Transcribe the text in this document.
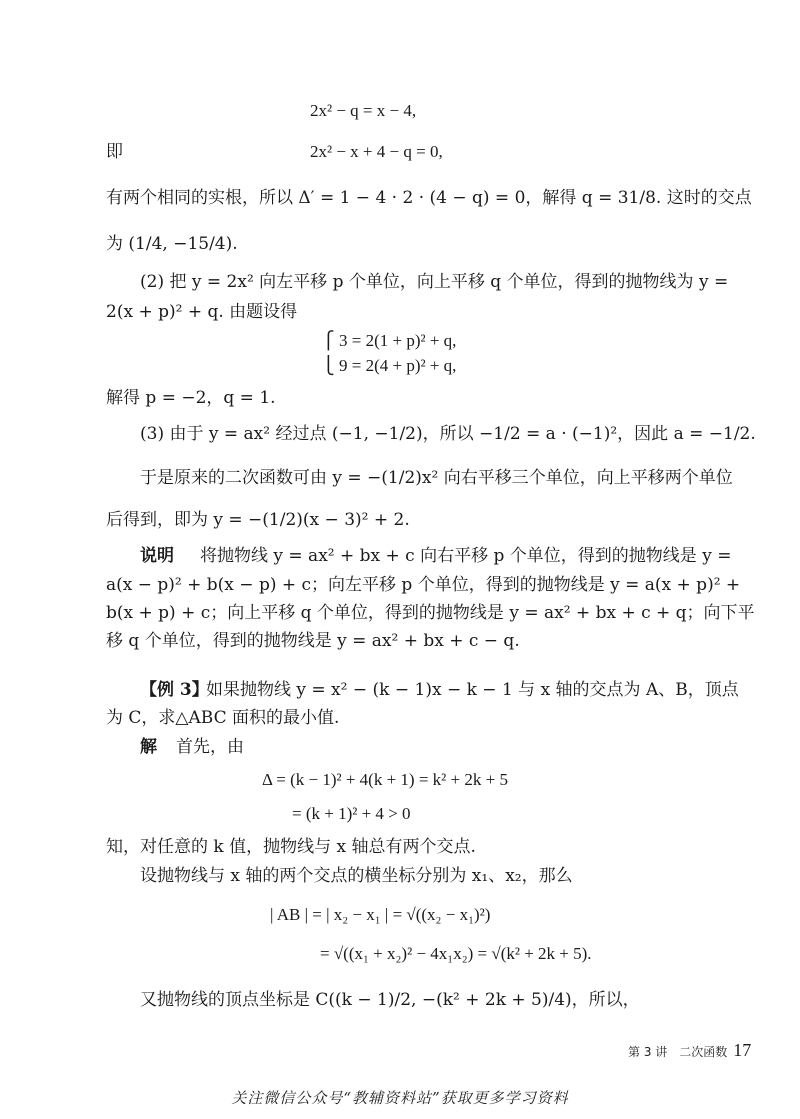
2x² − q = x − 4,
即	2x² − x + 4 − q = 0,
有两个相同的实根，所以 Δ′ = 1 − 4 · 2 · (4 − q) = 0，解得 q = 31/8. 这时的交点
为 (1/4, −15/4).
(2) 把 y = 2x² 向左平移 p 个单位，向上平移 q 个单位，得到的抛物线为 y =
2(x + p)² + q. 由题设得
⎧ 3 = 2(1 + p)² + q,
⎩ 9 = 2(4 + p)² + q,
解得 p = −2，q = 1.
(3) 由于 y = ax² 经过点 (−1, −1/2)，所以 −1/2 = a · (−1)²，因此 a = −1/2.
于是原来的二次函数可由 y = −(1/2)x² 向右平移三个单位，向上平移两个单位
后得到，即为 y = −(1/2)(x − 3)² + 2.
说明 将抛物线 y = ax² + bx + c 向右平移 p 个单位，得到的抛物线是 y =
a(x − p)² + b(x − p) + c；向左平移 p 个单位，得到的抛物线是 y = a(x + p)² +
b(x + p) + c；向上平移 q 个单位，得到的抛物线是 y = ax² + bx + c + q；向下平
移 q 个单位，得到的抛物线是 y = ax² + bx + c − q.
【例 3】
如果抛物线 y = x² − (k − 1)x − k − 1 与 x 轴的交点为 A、B，顶点
为 C，求△ABC 面积的最小值.
解 首先，由
Δ = (k − 1)² + 4(k + 1) = k² + 2k + 5
= (k + 1)² + 4 > 0
知，对任意的 k 值，抛物线与 x 轴总有两个交点.
设抛物线与 x 轴的两个交点的横坐标分别为 x₁、x₂，那么
| AB | = | x₂ − x₁ | = √((x₂ − x₁)²)
= √((x₁ + x₂)² − 4x₁x₂) = √(k² + 2k + 5).
又抛物线的顶点坐标是 C((k − 1)/2, −(k² + 2k + 5)/4)，所以，
第 3 讲　二次函数 17
关注微信公众号“教辅资料站”获取更多学习资料
